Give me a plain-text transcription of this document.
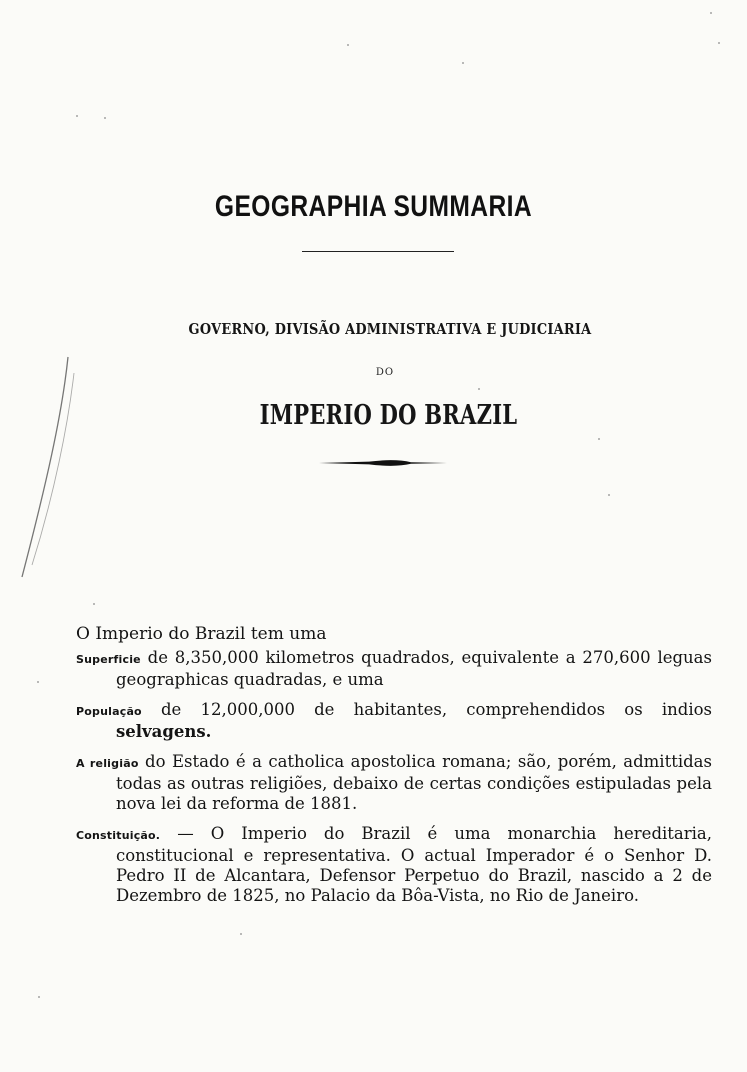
GEOGRAPHIA SUMMARIA
GOVERNO, DIVISÃO ADMINISTRATIVA E JUDICIARIA
DO
IMPERIO DO BRAZIL

O Imperio do Brazil tem uma

Superficie de 8,350,000 kilometros quadrados, equivalente a 270,600 leguas geographicas quadradas, e uma

População de 12,000,000 de habitantes, comprehendidos os indios selvagens.

A religião do Estado é a catholica apostolica romana; são, porém, admittidas todas as outras religiões, debaixo de certas condições estipuladas pela nova lei da reforma de 1881.

Constituição. — O Imperio do Brazil é uma monarchia hereditaria, constitucional e representativa. O actual Imperador é o Senhor D. Pedro II de Alcantara, Defensor Perpetuo do Brazil, nascido a 2 de Dezembro de 1825, no Palacio da Bôa-Vista, no Rio de Janeiro.
